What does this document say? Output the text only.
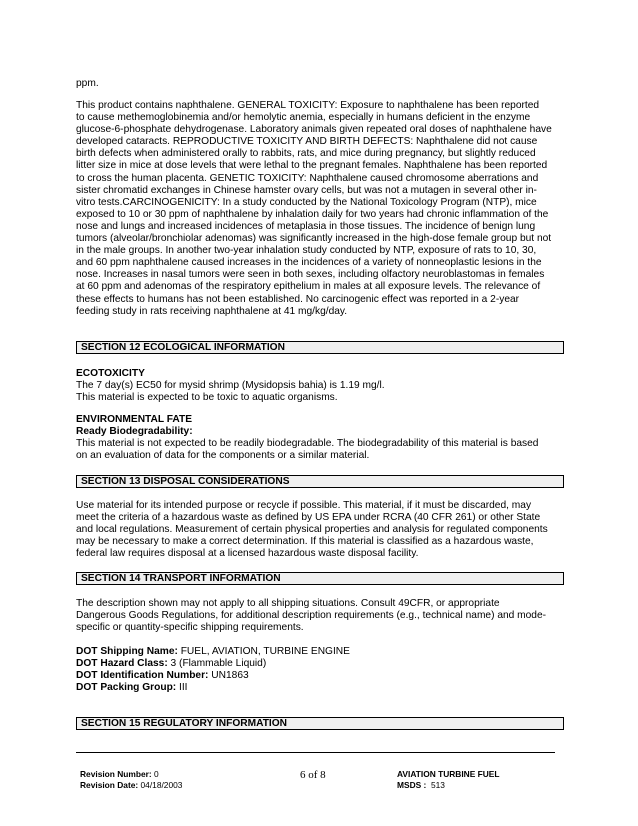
ppm.

This product contains naphthalene. GENERAL TOXICITY: Exposure to naphthalene has been reported
to cause methemoglobinemia and/or hemolytic anemia, especially in humans deficient in the enzyme
glucose-6-phosphate dehydrogenase. Laboratory animals given repeated oral doses of naphthalene have
developed cataracts. REPRODUCTIVE TOXICITY AND BIRTH DEFECTS: Naphthalene did not cause
birth defects when administered orally to rabbits, rats, and mice during pregnancy, but slightly reduced
litter size in mice at dose levels that were lethal to the pregnant females. Naphthalene has been reported
to cross the human placenta. GENETIC TOXICITY: Naphthalene caused chromosome aberrations and
sister chromatid exchanges in Chinese hamster ovary cells, but was not a mutagen in several other in-
vitro tests.CARCINOGENICITY: In a study conducted by the National Toxicology Program (NTP), mice
exposed to 10 or 30 ppm of naphthalene by inhalation daily for two years had chronic inflammation of the
nose and lungs and increased incidences of metaplasia in those tissues. The incidence of benign lung
tumors (alveolar/bronchiolar adenomas) was significantly increased in the high-dose female group but not
in the male groups. In another two-year inhalation study conducted by NTP, exposure of rats to 10, 30,
and 60 ppm naphthalene caused increases in the incidences of a variety of nonneoplastic lesions in the
nose. Increases in nasal tumors were seen in both sexes, including olfactory neuroblastomas in females
at 60 ppm and adenomas of the respiratory epithelium in males at all exposure levels. The relevance of
these effects to humans has not been established. No carcinogenic effect was reported in a 2-year
feeding study in rats receiving naphthalene at 41 mg/kg/day.
SECTION 12 ECOLOGICAL INFORMATION
ECOTOXICITY
The 7 day(s) EC50 for mysid shrimp (Mysidopsis bahia) is 1.19 mg/l.
This material is expected to be toxic to aquatic organisms.
ENVIRONMENTAL FATE
Ready Biodegradability:
This material is not expected to be readily biodegradable. The biodegradability of this material is based
on an evaluation of data for the components or a similar material.
SECTION 13 DISPOSAL CONSIDERATIONS
Use material for its intended purpose or recycle if possible. This material, if it must be discarded, may
meet the criteria of a hazardous waste as defined by US EPA under RCRA (40 CFR 261) or other State
and local regulations. Measurement of certain physical properties and analysis for regulated components
may be necessary to make a correct determination. If this material is classified as a hazardous waste,
federal law requires disposal at a licensed hazardous waste disposal facility.
SECTION 14 TRANSPORT INFORMATION
The description shown may not apply to all shipping situations. Consult 49CFR, or appropriate
Dangerous Goods Regulations, for additional description requirements (e.g., technical name) and mode-
specific or quantity-specific shipping requirements.
DOT Shipping Name: FUEL, AVIATION, TURBINE ENGINE
DOT Hazard Class: 3 (Flammable Liquid)
DOT Identification Number: UN1863
DOT Packing Group: III
SECTION 15 REGULATORY INFORMATION
Revision Number: 0
Revision Date: 04/18/2003
6 of 8	AVIATION TURBINE FUEL
MSDS :  513
